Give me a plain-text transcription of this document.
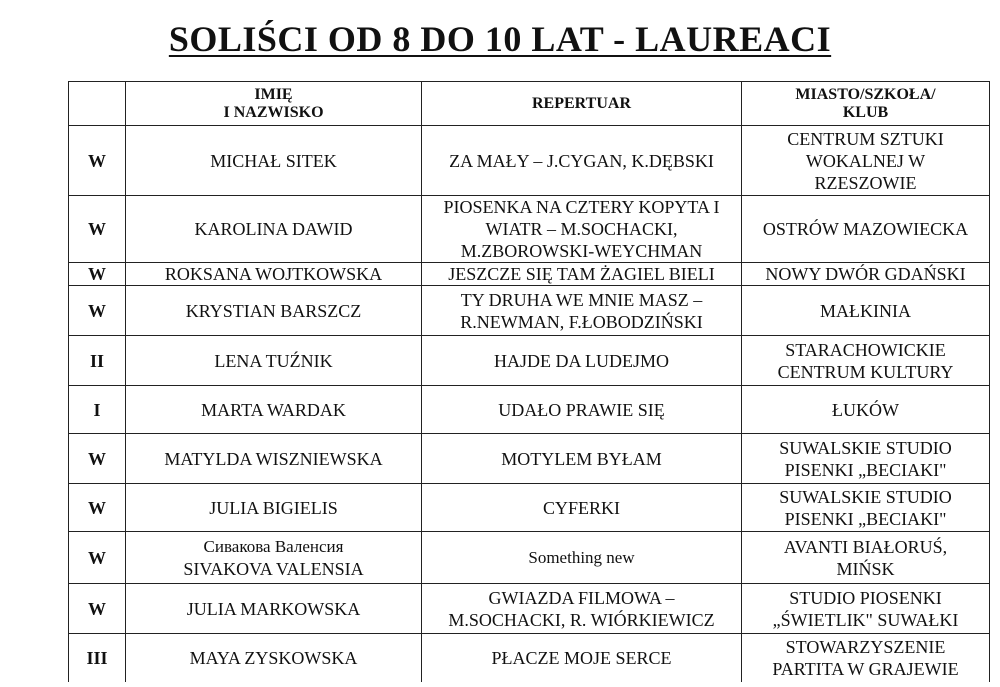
SOLIŚCI OD 8 DO 10 LAT - LAUREACI

	IMIĘ
I NAZWISKO	REPERTUAR	MIASTO/SZKOŁA/
KLUB

W	MICHAŁ SITEK	ZA MAŁY – J.CYGAN, K.DĘBSKI	CENTRUM SZTUKI
WOKALNEJ W
RZESZOWIE

W	KAROLINA DAWID	PIOSENKA NA CZTERY KOPYTA I
WIATR – M.SOCHACKI,
M.ZBOROWSKI-WEYCHMAN	OSTRÓW MAZOWIECKA

W	ROKSANA WOJTKOWSKA	JESZCZE SIĘ TAM ŻAGIEL BIELI	NOWY DWÓR GDAŃSKI

W	KRYSTIAN BARSZCZ	TY DRUHA WE MNIE MASZ –
R.NEWMAN, F.ŁOBODZIŃSKI	MAŁKINIA

II	LENA TUŹNIK	HAJDE DA LUDEJMO	STARACHOWICKIE
CENTRUM KULTURY

I	MARTA WARDAK	UDAŁO PRAWIE SIĘ	ŁUKÓW

W	MATYLDA WISZNIEWSKA	MOTYLEM BYŁAM	SUWALSKIE STUDIO
PISENKI „BECIAKI"

W	JULIA BIGIELIS	CYFERKI	SUWALSKIE STUDIO
PISENKI „BECIAKI"

W	Сивакова Валенсия
SIVAKOVA VALENSIA	Something new	AVANTI BIAŁORUŚ,
MIŃSK

W	JULIA MARKOWSKA	GWIAZDA FILMOWA –
M.SOCHACKI, R. WIÓRKIEWICZ	STUDIO PIOSENKI
„ŚWIETLIK" SUWAŁKI

III	MAYA ZYSKOWSKA	PŁACZE MOJE SERCE	STOWARZYSZENIE
PARTITA W GRAJEWIE
